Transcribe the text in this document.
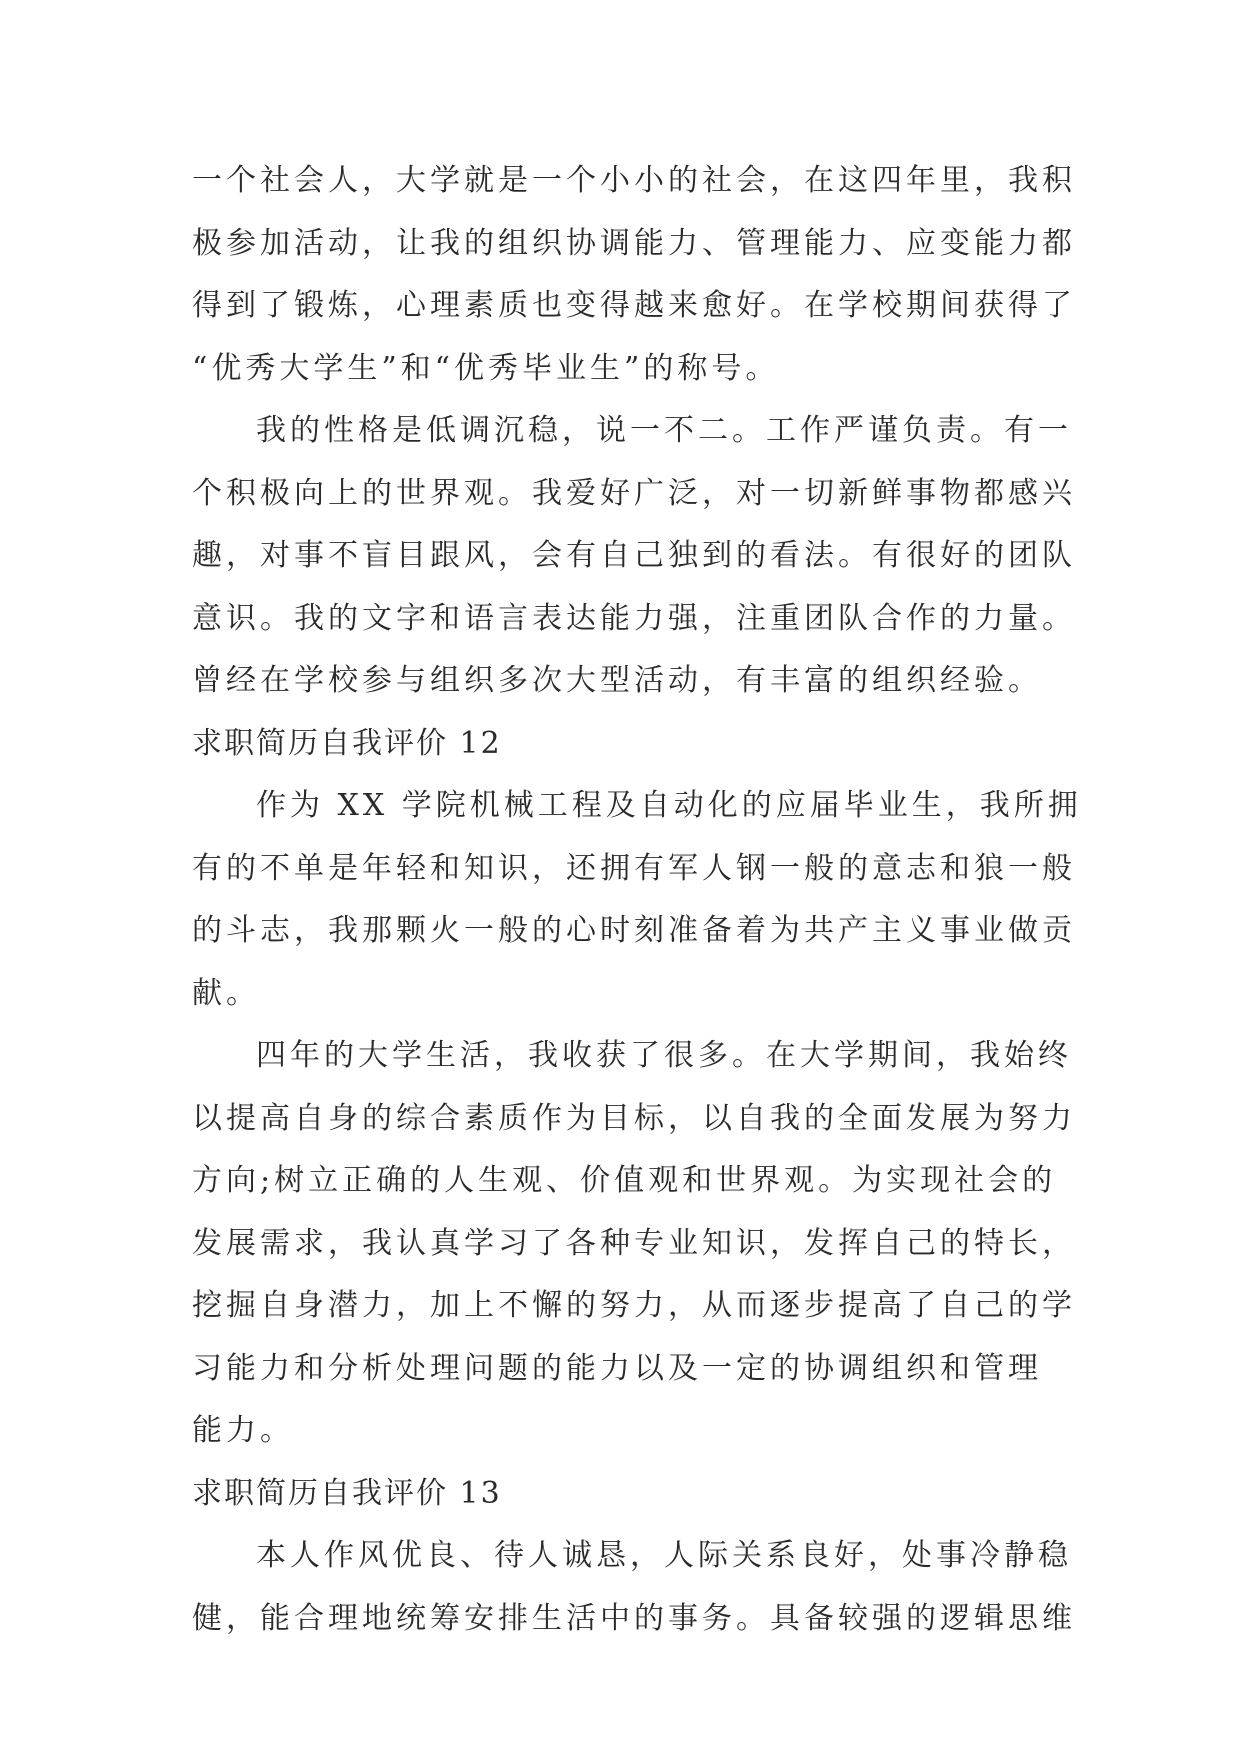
一个社会人，大学就是一个小小的社会，在这四年里，我积
极参加活动，让我的组织协调能力、管理能力、应变能力都
得到了锻炼，心理素质也变得越来愈好。在学校期间获得了
“优秀大学生”和“优秀毕业生”的称号。
我的性格是低调沉稳，说一不二。工作严谨负责。有一
个积极向上的世界观。我爱好广泛，对一切新鲜事物都感兴
趣，对事不盲目跟风，会有自己独到的看法。有很好的团队
意识。我的文字和语言表达能力强，注重团队合作的力量。
曾经在学校参与组织多次大型活动，有丰富的组织经验。
求职简历自我评价 12
作为 XX 学院机械工程及自动化的应届毕业生，我所拥
有的不单是年轻和知识，还拥有军人钢一般的意志和狼一般
的斗志，我那颗火一般的心时刻准备着为共产主义事业做贡
献。
四年的大学生活，我收获了很多。在大学期间，我始终
以提高自身的综合素质作为目标，以自我的全面发展为努力
方向;树立正确的人生观、价值观和世界观。为实现社会的
发展需求，我认真学习了各种专业知识，发挥自己的特长，
挖掘自身潜力，加上不懈的努力，从而逐步提高了自己的学
习能力和分析处理问题的能力以及一定的协调组织和管理
能力。
求职简历自我评价 13
本人作风优良、待人诚恳，人际关系良好，处事冷静稳
健，能合理地统筹安排生活中的事务。具备较强的逻辑思维
